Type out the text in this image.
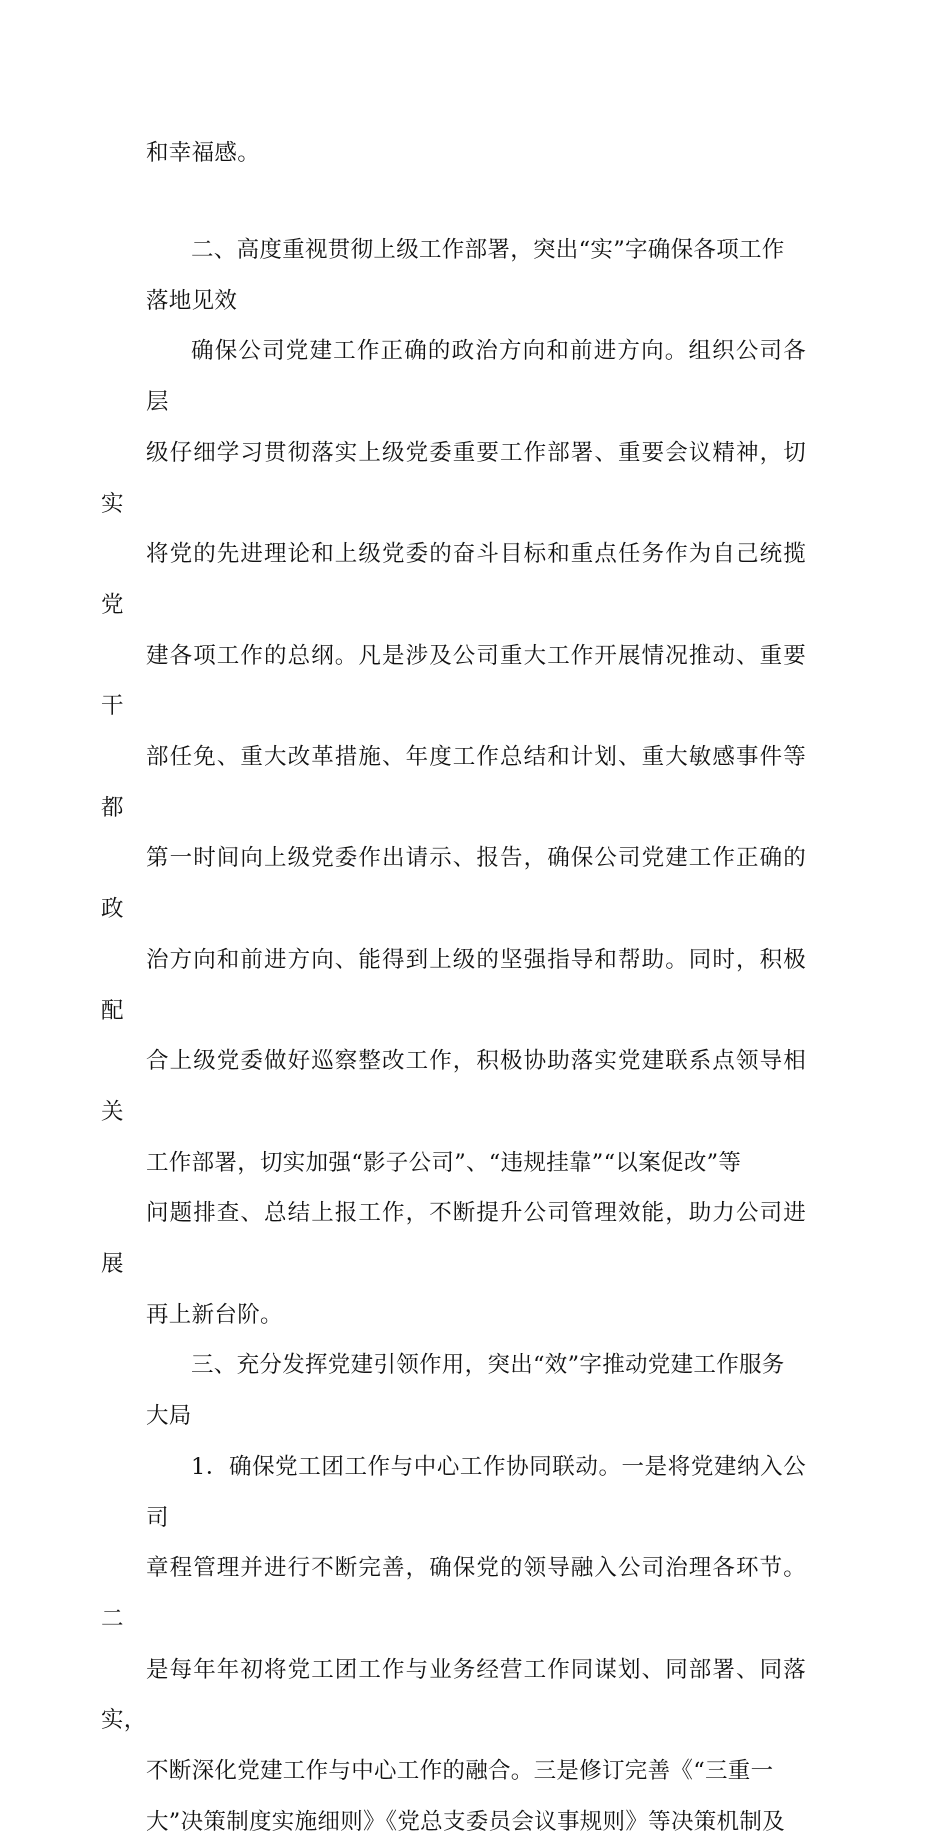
和幸福感。

二、高度重视贯彻上级工作部署，突出“实”字确保各项工作
落地见效

确保公司党建工作正确的政治方向和前进方向。组织公司各层
级仔细学习贯彻落实上级党委重要工作部署、重要会议精神，切实
将党的先进理论和上级党委的奋斗目标和重点任务作为自己统揽党
建各项工作的总纲。凡是涉及公司重大工作开展情况推动、重要干
部任免、重大改革措施、年度工作总结和计划、重大敏感事件等都
第一时间向上级党委作出请示、报告，确保公司党建工作正确的政
治方向和前进方向、能得到上级的坚强指导和帮助。同时，积极配
合上级党委做好巡察整改工作，积极协助落实党建联系点领导相关
工作部署，切实加强“影子公司”、“违规挂靠”“以案促改”等
问题排查、总结上报工作，不断提升公司管理效能，助力公司进展
再上新台阶。

三、充分发挥党建引领作用，突出“效”字推动党建工作服务
大局

1．确保党工团工作与中心工作协同联动。一是将党建纳入公司
章程管理并进行不断完善，确保党的领导融入公司治理各环节。二
是每年年初将党工团工作与业务经营工作同谋划、同部署、同落实，
不断深化党建工作与中心工作的融合。三是修订完善《“三重一
大”决策制度实施细则》《党总支委员会议事规则》等决策机制及
